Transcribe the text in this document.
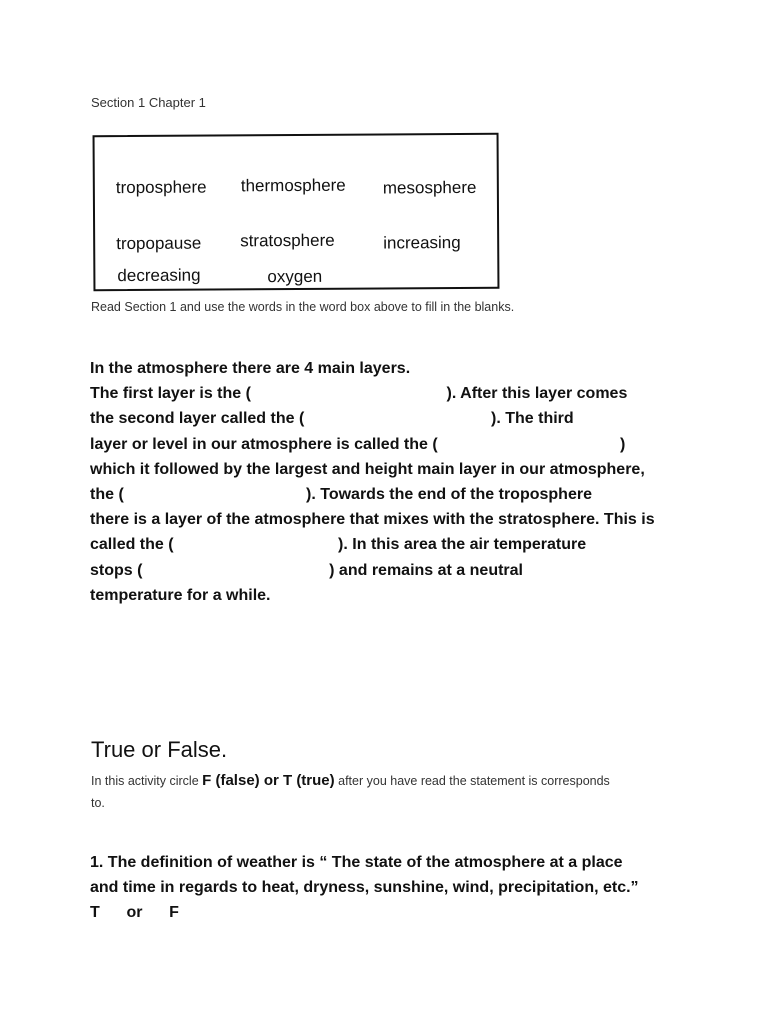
Section 1 Chapter 1
troposphere thermosphere mesosphere
tropopause stratosphere	increasing
decreasing	oxygen
Read Section 1 and use the words in the word box above to fill in the blanks.
In the atmosphere there are 4 main layers.
The first layer is the (                                            ). After this layer comes
the second layer called the (                                          ). The third
layer or level in our atmosphere is called the (                                         )
which it followed by the largest and height main layer in our atmosphere,
the (                                         ). Towards the end of the troposphere
there is a layer of the atmosphere that mixes with the stratosphere. This is
called the (                                     ). In this area the air temperature
stops (                                          ) and remains at a neutral
temperature for a while.
True or False.
In this activity circle F (false) or T (true) after you have read the statement is corresponds to.
1. The definition of weather is “ The state of the atmosphere at a place
and time in regards to heat, dryness, sunshine, wind, precipitation, etc.”
T      or      F
